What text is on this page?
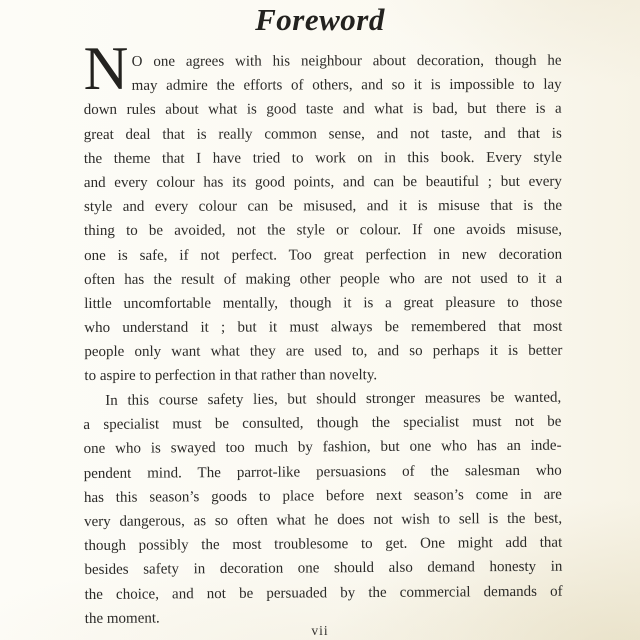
Foreword
N O one agrees with his neighbour about decoration, though he
may admire the efforts of others, and so it is impossible to lay
down rules about what is good taste and what is bad, but there is a
great deal that is really common sense, and not taste, and that is
the theme that I have tried to work on in this book. Every style
and every colour has its good points, and can be beautiful ; but every
style and every colour can be misused, and it is misuse that is the
thing to be avoided, not the style or colour. If one avoids misuse,
one is safe, if not perfect. Too great perfection in new decoration
often has the result of making other people who are not used to it a
little uncomfortable mentally, though it is a great pleasure to those
who understand it ; but it must always be remembered that most
people only want what they are used to, and so perhaps it is better
to aspire to perfection in that rather than novelty.
In this course safety lies, but should stronger measures be wanted,
a specialist must be consulted, though the specialist must not be
one who is swayed too much by fashion, but one who has an inde-
pendent mind. The parrot-like persuasions of the salesman who
has this season’s goods to place before next season’s come in are
very dangerous, as so often what he does not wish to sell is the best,
though possibly the most troublesome to get. One might add that
besides safety in decoration one should also demand honesty in
the choice, and not be persuaded by the commercial demands of
the moment.
vii
